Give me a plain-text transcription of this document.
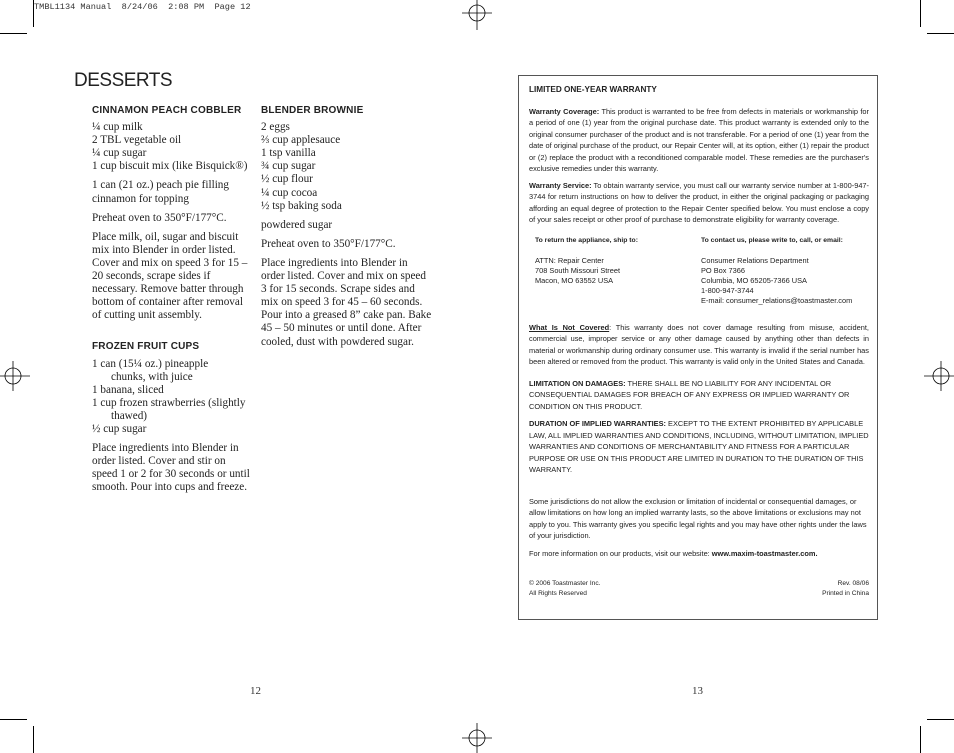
TMBL1134 Manual  8/24/06  2:08 PM  Page 12
DESSERTS
CINNAMON PEACH COBBLER
¼ cup milk
2 TBL vegetable oil
¼ cup sugar
1 cup biscuit mix (like Bisquick®)

1 can (21 oz.) peach pie filling cinnamon for topping

Preheat oven to 350°F/177°C.

Place milk, oil, sugar and biscuit mix into Blender in order listed. Cover and mix on speed 3 for 15 – 20 seconds, scrape sides if necessary. Remove batter through bottom of container after removal of cutting unit assembly.

FROZEN FRUIT CUPS
1 can (15¼ oz.) pineapple
chunks, with juice
1 banana, sliced
1 cup frozen strawberries (slightly
thawed)
½ cup sugar

Place ingredients into Blender in order listed. Cover and stir on speed 1 or 2 for 30 seconds or until smooth. Pour into cups and freeze.

BLENDER BROWNIE
2 eggs
⅔ cup applesauce
1 tsp vanilla
¾ cup sugar
½ cup flour
¼ cup cocoa
½ tsp baking soda

powdered sugar

Preheat oven to 350°F/177°C.

Place ingredients into Blender in order listed. Cover and mix on speed 3 for 15 seconds. Scrape sides and mix on speed 3 for 45 – 60 seconds. Pour into a greased 8” cake pan. Bake 45 – 50 minutes or until done. After cooled, dust with powdered sugar.

12
LIMITED ONE-YEAR WARRANTY

Warranty Coverage: This product is warranted to be free from defects in materials or workmanship for a period of one (1) year from the original purchase date. This product warranty is extended only to the original consumer purchaser of the product and is not transferable. For a period of one (1) year from the date of original purchase of the product, our Repair Center will, at its option, either (1) repair the product or (2) replace the product with a reconditioned comparable model. These remedies are the purchaser's exclusive remedies under this warranty.

Warranty Service: To obtain warranty service, you must call our warranty service number at 1-800-947-3744 for return instructions on how to deliver the product, in either the original packaging or packaging affording an equal degree of protection to the Repair Center specified below. You must enclose a copy of your sales receipt or other proof of purchase to demonstrate eligibility for warranty coverage.

To return the appliance, ship to:
ATTN: Repair Center
708 South Missouri Street
Macon, MO 63552 USA
To contact us, please write to, call, or email:
Consumer Relations Department
PO Box 7366
Columbia, MO 65205-7366 USA
1-800-947-3744
E-mail: consumer_relations@toastmaster.com

What Is Not Covered: This warranty does not cover damage resulting from misuse, accident, commercial use, improper service or any other damage caused by anything other than defects in material or workmanship during ordinary consumer use. This warranty is invalid if the serial number has been altered or removed from the product. This warranty is valid only in the United States and Canada.

LIMITATION ON DAMAGES: THERE SHALL BE NO LIABILITY FOR ANY INCIDENTAL OR CONSEQUENTIAL DAMAGES FOR BREACH OF ANY EXPRESS OR IMPLIED WARRANTY OR CONDITION ON THIS PRODUCT.

DURATION OF IMPLIED WARRANTIES: EXCEPT TO THE EXTENT PROHIBITED BY APPLICABLE LAW, ALL IMPLIED WARRANTIES AND CONDITIONS, INCLUDING, WITHOUT LIMITATION, IMPLIED WARRANTIES AND CONDITIONS OF MERCHANTABILITY AND FITNESS FOR A PARTICULAR PURPOSE OR USE ON THIS PRODUCT ARE LIMITED IN DURATION TO THE DURATION OF THIS WARRANTY.

Some jurisdictions do not allow the exclusion or limitation of incidental or consequential damages, or allow limitations on how long an implied warranty lasts, so the above limitations or exclusions may not apply to you. This warranty gives you specific legal rights and you may have other rights under the laws of your jurisdiction.

For more information on our products, visit our website: www.maxim-toastmaster.com.

© 2006 Toastmaster Inc.
All Rights Reserved
Rev. 08/06
Printed in China
13
